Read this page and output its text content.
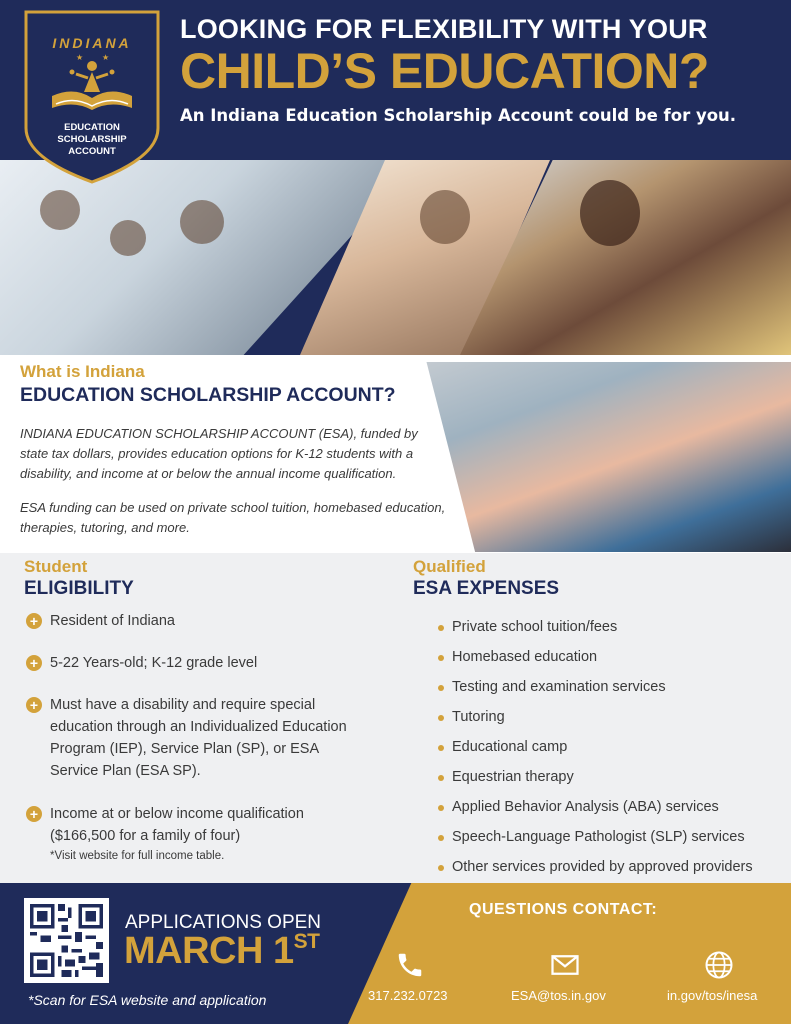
LOOKING FOR FLEXIBILITY WITH YOUR
CHILD’S EDUCATION?
An Indiana Education Scholarship Account could be for you.
★ ★
INDIANA
EDUCATION
SCHOLARSHIP
ACCOUNT
What is Indiana
EDUCATION SCHOLARSHIP ACCOUNT?
INDIANA EDUCATION SCHOLARSHIP ACCOUNT (ESA), funded by state tax dollars, provides education options for K-12 students with a disability, and income at or below the annual income qualification.
ESA funding can be used on private school tuition, homebased education, therapies, tutoring, and more.
Student
ELIGIBILITY
+ Resident of Indiana
+ 5-22 Years-old; K-12 grade level
+ Must have a disability and require special education through an Individualized Education Program (IEP), Service Plan (SP), or ESA Service Plan (ESA SP).
+ Income at or below income qualification ($166,500 for a family of four)
*Visit website for full income table.
Qualified
ESA EXPENSES
Private school tuition/fees
Homebased education
Testing and examination services
Tutoring
Educational camp
Equestrian therapy
Applied Behavior Analysis (ABA) services
Speech-Language Pathologist (SLP) services
Other services provided by approved providers
APPLICATIONS OPEN
MARCH 1ST
*Scan for ESA website and application
QUESTIONS CONTACT:
317.232.0723	ESA@tos.in.gov	in.gov/tos/inesa
